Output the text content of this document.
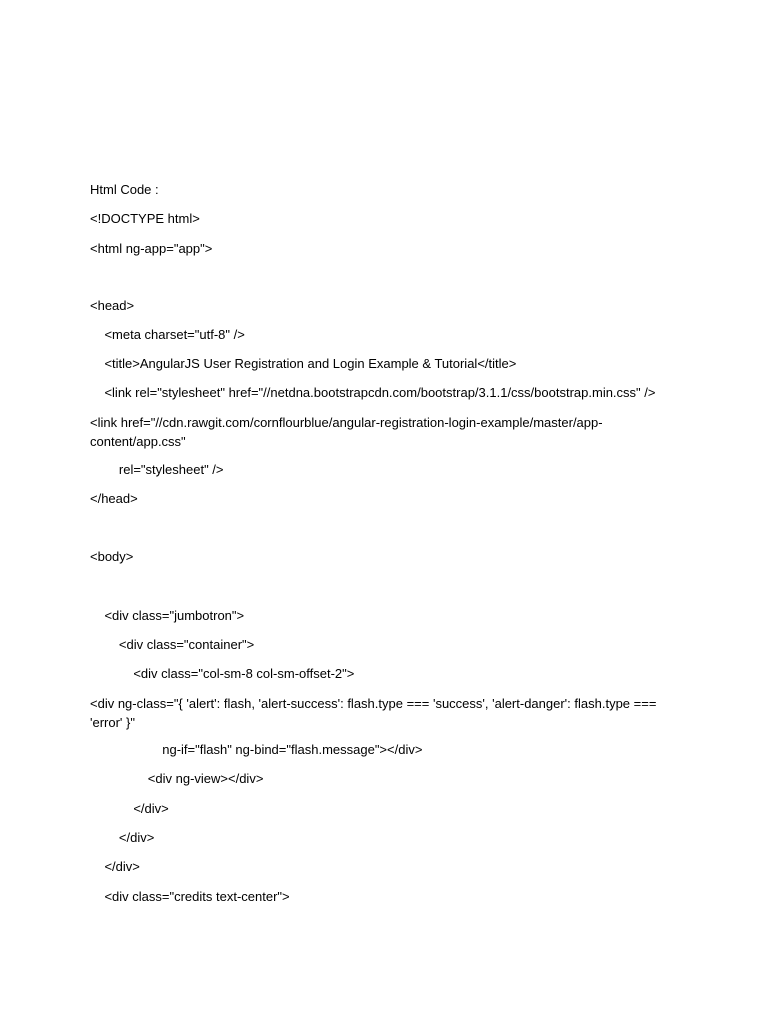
Html Code :
<!DOCTYPE html>
<html ng-app="app">
<head>
<meta charset="utf-8" />
<title>AngularJS User Registration and Login Example & Tutorial</title>
<link rel="stylesheet" href="//netdna.bootstrapcdn.com/bootstrap/3.1.1/css/bootstrap.min.css" />
<link href="//cdn.rawgit.com/cornflourblue/angular-registration-login-example/master/app-content/app.css"
rel="stylesheet" />
</head>
<body>
<div class="jumbotron">
<div class="container">
<div class="col-sm-8 col-sm-offset-2">
<div ng-class="{ 'alert': flash, 'alert-success': flash.type === 'success', 'alert-danger': flash.type === 'error' }"
ng-if="flash" ng-bind="flash.message"></div>
<div ng-view></div>
</div>
</div>
</div>
<div class="credits text-center">
